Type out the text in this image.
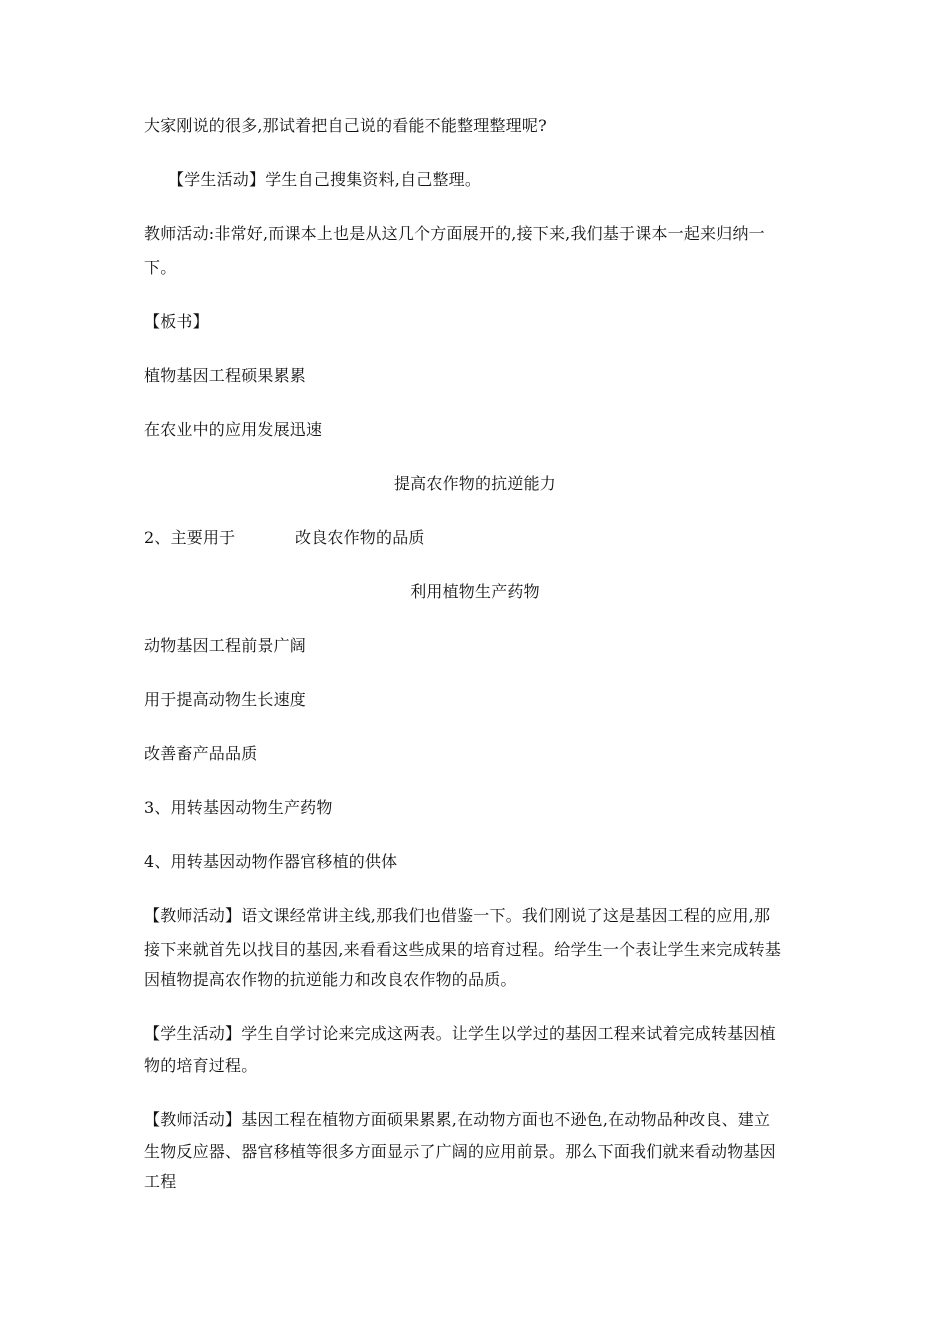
大家刚说的很多,那试着把自己说的看能不能整理整理呢?
【学生活动】学生自己搜集资料,自己整理。
教师活动:非常好,而课本上也是从这几个方面展开的,接下来,我们基于课本一起来归纳一
下。
【板书】
植物基因工程硕果累累
在农业中的应用发展迅速
提高农作物的抗逆能力
2、主要用于	改良农作物的品质
利用植物生产药物
动物基因工程前景广阔
用于提高动物生长速度
改善畜产品品质
3、用转基因动物生产药物
4、用转基因动物作器官移植的供体
【教师活动】语文课经常讲主线,那我们也借鉴一下。我们刚说了这是基因工程的应用,那
接下来就首先以找目的基因,来看看这些成果的培育过程。给学生一个表让学生来完成转基
因植物提高农作物的抗逆能力和改良农作物的品质。
【学生活动】学生自学讨论来完成这两表。让学生以学过的基因工程来试着完成转基因植
物的培育过程。
【教师活动】基因工程在植物方面硕果累累,在动物方面也不逊色,在动物品种改良、建立
生物反应器、器官移植等很多方面显示了广阔的应用前景。那么下面我们就来看动物基因
工程
